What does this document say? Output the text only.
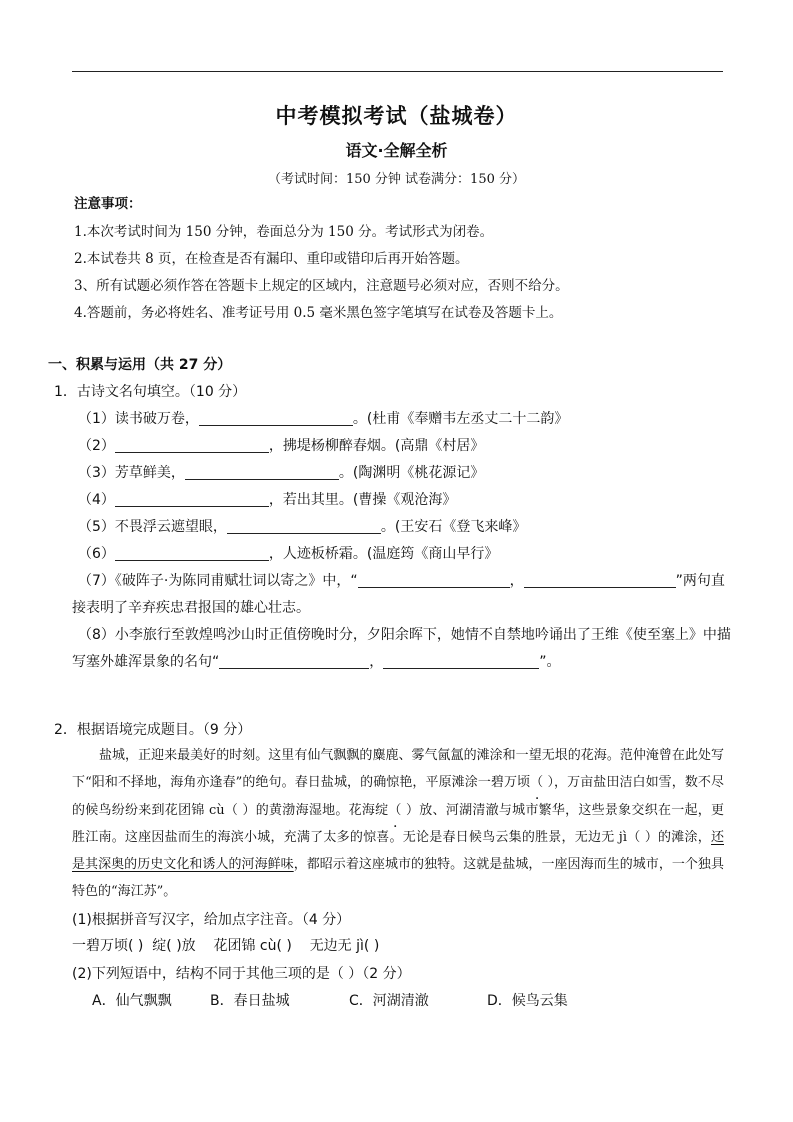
中考模拟考试（盐城卷）
语文·全解全析
（考试时间：150 分钟 试卷满分：150 分）
注意事项：
1.本次考试时间为 150 分钟，卷面总分为 150 分。考试形式为闭卷。
2.本试卷共 8 页，在检查是否有漏印、重印或错印后再开始答题。
3、所有试题必须作答在答题卡上规定的区域内，注意题号必须对应，否则不给分。
4.答题前，务必将姓名、准考证号用 0.5 毫米黑色签字笔填写在试卷及答题卡上。
一、积累与运用（共 27 分）
1．古诗文名句填空。（10 分）
（1）读书破万卷，	。(杜甫《奉赠韦左丞丈二十二韵》
（2）	，拂堤杨柳醉春烟。(高鼎《村居》
（3）芳草鲜美，	。(陶渊明《桃花源记》
（4）	，若出其里。(曹操《观沧海》
（5）不畏浮云遮望眼，	。(王安石《登飞来峰》
（6）	，人迹板桥霜。(温庭筠《商山早行》
（7）《破阵子·为陈同甫赋壮词以寄之》中，“	，	”两句直
接表明了辛弃疾忠君报国的雄心壮志。
（8）小李旅行至敦煌鸣沙山时正值傍晚时分，夕阳余晖下，她情不自禁地吟诵出了王维《使至塞上》中描
写塞外雄浑景象的名句“	，	”。
2．根据语境完成题目。（9 分）

盐城，正迎来最美好的时刻。这里有仙气飘飘的麋鹿、雾气氤氲的滩涂和一望无垠的花海。范仲淹曾在此处写下“阳和不择地，海角亦逢春”的绝句。春日盐城，的确惊艳，平原滩涂一碧万顷（ ），万亩盐田洁白如雪，数不尽的候鸟纷纷来到花团锦 cù（ ）的黄渤海湿地。花海绽（ ）放、河湖清澈与城市繁华，这些景象交织在一起，更胜江南。这座因盐而生的海滨小城，充满了太多的惊喜。无论是春日候鸟云集的胜景，无边无 jì（ ）的滩涂，还是其深奥的历史文化和诱人的河海鲜味，都昭示着这座城市的独特。这就是盐城，一座因海而生的城市，一个独具特色的“海江苏”。

(1)根据拼音写汉字，给加点字注音。（4 分）
一碧万顷( ) 绽( )放 花团锦 cù( ) 无边无 jì( )
(2)下列短语中，结构不同于其他三项的是（ ）（2 分）
A．仙气飘飘	B．春日盐城	C．河湖清澈	D．候鸟云集
